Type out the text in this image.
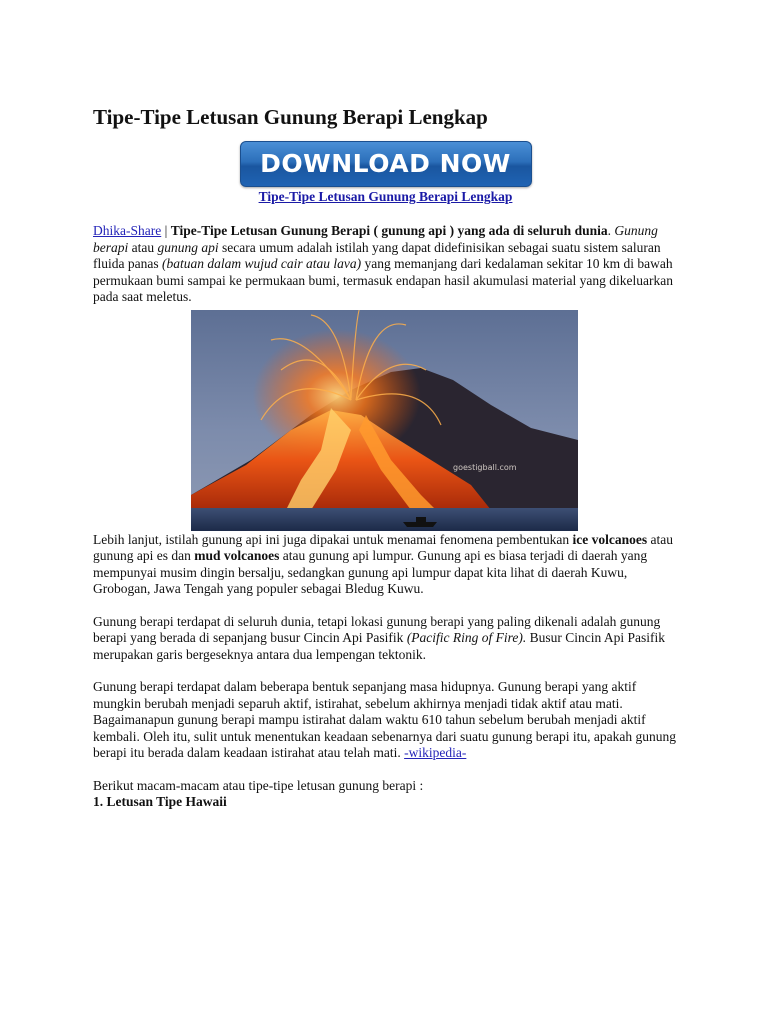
Tipe-Tipe Letusan Gunung Berapi Lengkap
DOWNLOAD NOW
Tipe-Tipe Letusan Gunung Berapi Lengkap

Dhika-Share | Tipe-Tipe Letusan Gunung Berapi ( gunung api ) yang ada di seluruh dunia. Gunung berapi atau gunung api secara umum adalah istilah yang dapat didefinisikan sebagai suatu sistem saluran fluida panas (batuan dalam wujud cair atau lava) yang memanjang dari kedalaman sekitar 10 km di bawah permukaan bumi sampai ke permukaan bumi, termasuk endapan hasil akumulasi material yang dikeluarkan pada saat meletus.

goestigball.com

Lebih lanjut, istilah gunung api ini juga dipakai untuk menamai fenomena pembentukan ice volcanoes atau gunung api es dan mud volcanoes atau gunung api lumpur. Gunung api es biasa terjadi di daerah yang mempunyai musim dingin bersalju, sedangkan gunung api lumpur dapat kita lihat di daerah Kuwu, Grobogan, Jawa Tengah yang populer sebagai Bledug Kuwu.

Gunung berapi terdapat di seluruh dunia, tetapi lokasi gunung berapi yang paling dikenali adalah gunung berapi yang berada di sepanjang busur Cincin Api Pasifik (Pacific Ring of Fire). Busur Cincin Api Pasifik merupakan garis bergeseknya antara dua lempengan tektonik.

Gunung berapi terdapat dalam beberapa bentuk sepanjang masa hidupnya. Gunung berapi yang aktif mungkin berubah menjadi separuh aktif, istirahat, sebelum akhirnya menjadi tidak aktif atau mati. Bagaimanapun gunung berapi mampu istirahat dalam waktu 610 tahun sebelum berubah menjadi aktif kembali. Oleh itu, sulit untuk menentukan keadaan sebenarnya dari suatu gunung berapi itu, apakah gunung berapi itu berada dalam keadaan istirahat atau telah mati. -wikipedia-

Berikut macam-macam atau tipe-tipe letusan gunung berapi :

1. Letusan Tipe Hawaii
